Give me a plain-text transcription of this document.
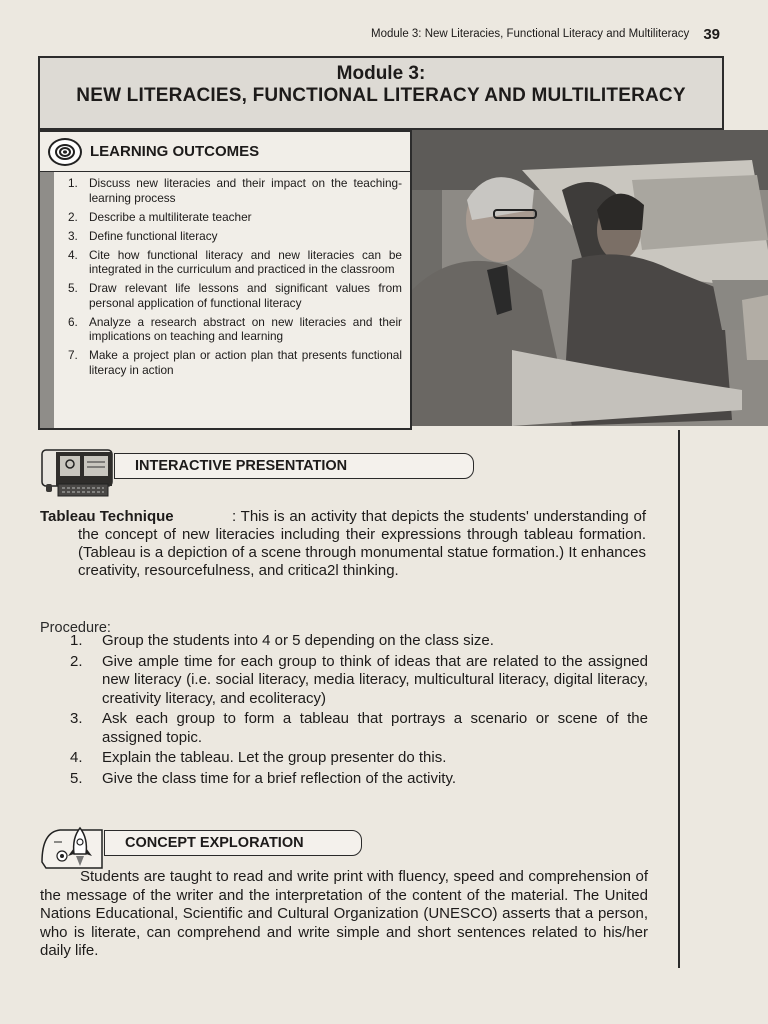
Module 3: New Literacies, Functional Literacy and Multiliteracy 39
Module 3:
NEW LITERACIES, FUNCTIONAL LITERACY AND MULTILITERACY
LEARNING OUTCOMES
1. Discuss new literacies and their impact on the teaching-learning process
2. Describe a multiliterate teacher
3. Define functional literacy
4. Cite how functional literacy and new literacies can be integrated in the curriculum and practiced in the classroom
5. Draw relevant life lessons and significant values from personal application of functional literacy
6. Analyze a research abstract on new literacies and their implications on teaching and learning
7. Make a project plan or action plan that presents functional literacy in action
INTERACTIVE PRESENTATION
Tableau Technique	: This is an activity that depicts the students' understanding of the concept of new literacies including their expressions through tableau formation. (Tableau is a depiction of a scene through monumental statue formation.) It enhances creativity, resourcefulness, and critica2l thinking.
Procedure:
1.	Group the students into 4 or 5 depending on the class size.
2.	Give ample time for each group to think of ideas that are related to the assigned new literacy (i.e. social literacy, media literacy, multicultural literacy, digital literacy, creativity literacy, and ecoliteracy)
3.	Ask each group to form a tableau that portrays a scenario or scene of the assigned topic.
4.	Explain the tableau. Let the group presenter do this.
5.	Give the class time for a brief reflection of the activity.
CONCEPT EXPLORATION
Students are taught to read and write print with fluency, speed and comprehension of the message of the writer and the interpretation of the content of the material. The United Nations Educational, Scientific and Cultural Organization (UNESCO) asserts that a person, who is literate, can comprehend and write simple and short sentences related to his/her daily life.
